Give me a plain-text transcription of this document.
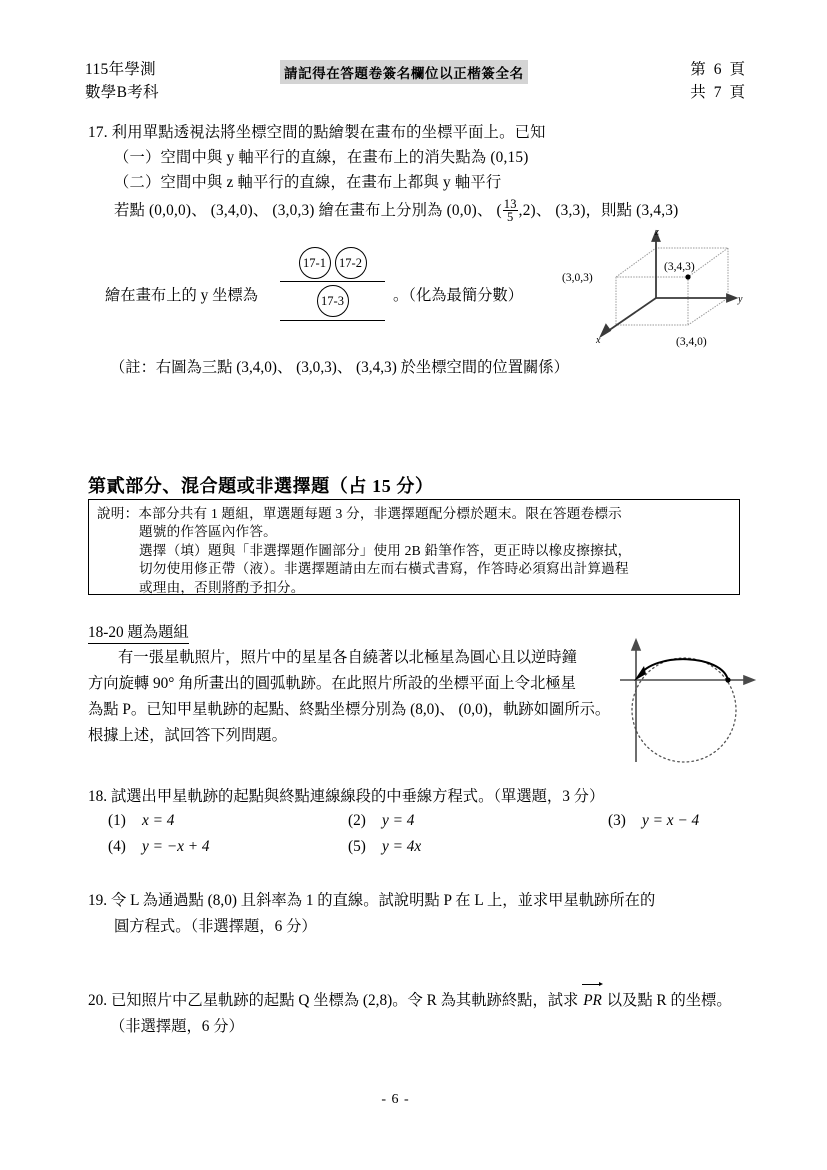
115年學測
數學B考科
請記得在答題卷簽名欄位以正楷簽全名	第 6 頁
共 7 頁
17. 利用單點透視法將坐標空間的點繪製在畫布的坐標平面上。已知
（一）空間中與 y 軸平行的直線，在畫布上的消失點為 (0,15)
（二）空間中與 z 軸平行的直線，在畫布上都與 y 軸平行
若點 (0,0,0)、 (3,4,0)、 (3,0,3) 繪在畫布上分別為 (0,0)、 ( $\frac{13}{5} ,2$)、 (3,3)，則點 (3,4,3)
繪在畫布上的 y 坐標為
17-1 17-2
17-3	。（化為最簡分數）
（註：右圖為三點 (3,4,0)、 (3,0,3)、 (3,4,3) 於坐標空間的位置關係）
z
y
x
(3,0,3)
(3,4,3)
(3,4,0)
第貳部分、混合題或非選擇題（占 15 分）
說明：本部分共有 1 題組，單選題每題 3 分，非選擇題配分標於題末。限在答題卷標示
題號的作答區內作答。
選擇（填）題與「非選擇題作圖部分」使用 2B 鉛筆作答，更正時以橡皮擦擦拭，
切勿使用修正帶（液）。非選擇題請由左而右橫式書寫，作答時必須寫出計算過程
或理由，否則將酌予扣分。
18-20 題為題組
有一張星軌照片，照片中的星星各自繞著以北極星為圓心且以逆時鐘
方向旋轉 90° 角所畫出的圓弧軌跡。在此照片所設的坐標平面上令北極星
為點 P。已知甲星軌跡的起點、終點坐標分別為 (8,0)、 (0,0)，軌跡如圖所示。
根據上述，試回答下列問題。
18. 試選出甲星軌跡的起點與終點連線線段的中垂線方程式。（單選題，3 分）
(1) x = 4	(2) y = 4	(3) y = x − 4
(4) y = −x + 4	(5) y = 4x
19. 令 L 為通過點 (8,0) 且斜率為 1 的直線。試說明點 P 在 L 上，並求甲星軌跡所在的
圓方程式。（非選擇題，6 分）
20. 已知照片中乙星軌跡的起點 Q 坐標為 (2,8)。令 R 為其軌跡終點，試求 PR 以及點 R 的坐標。
（非選擇題，6 分）
- 6 -
